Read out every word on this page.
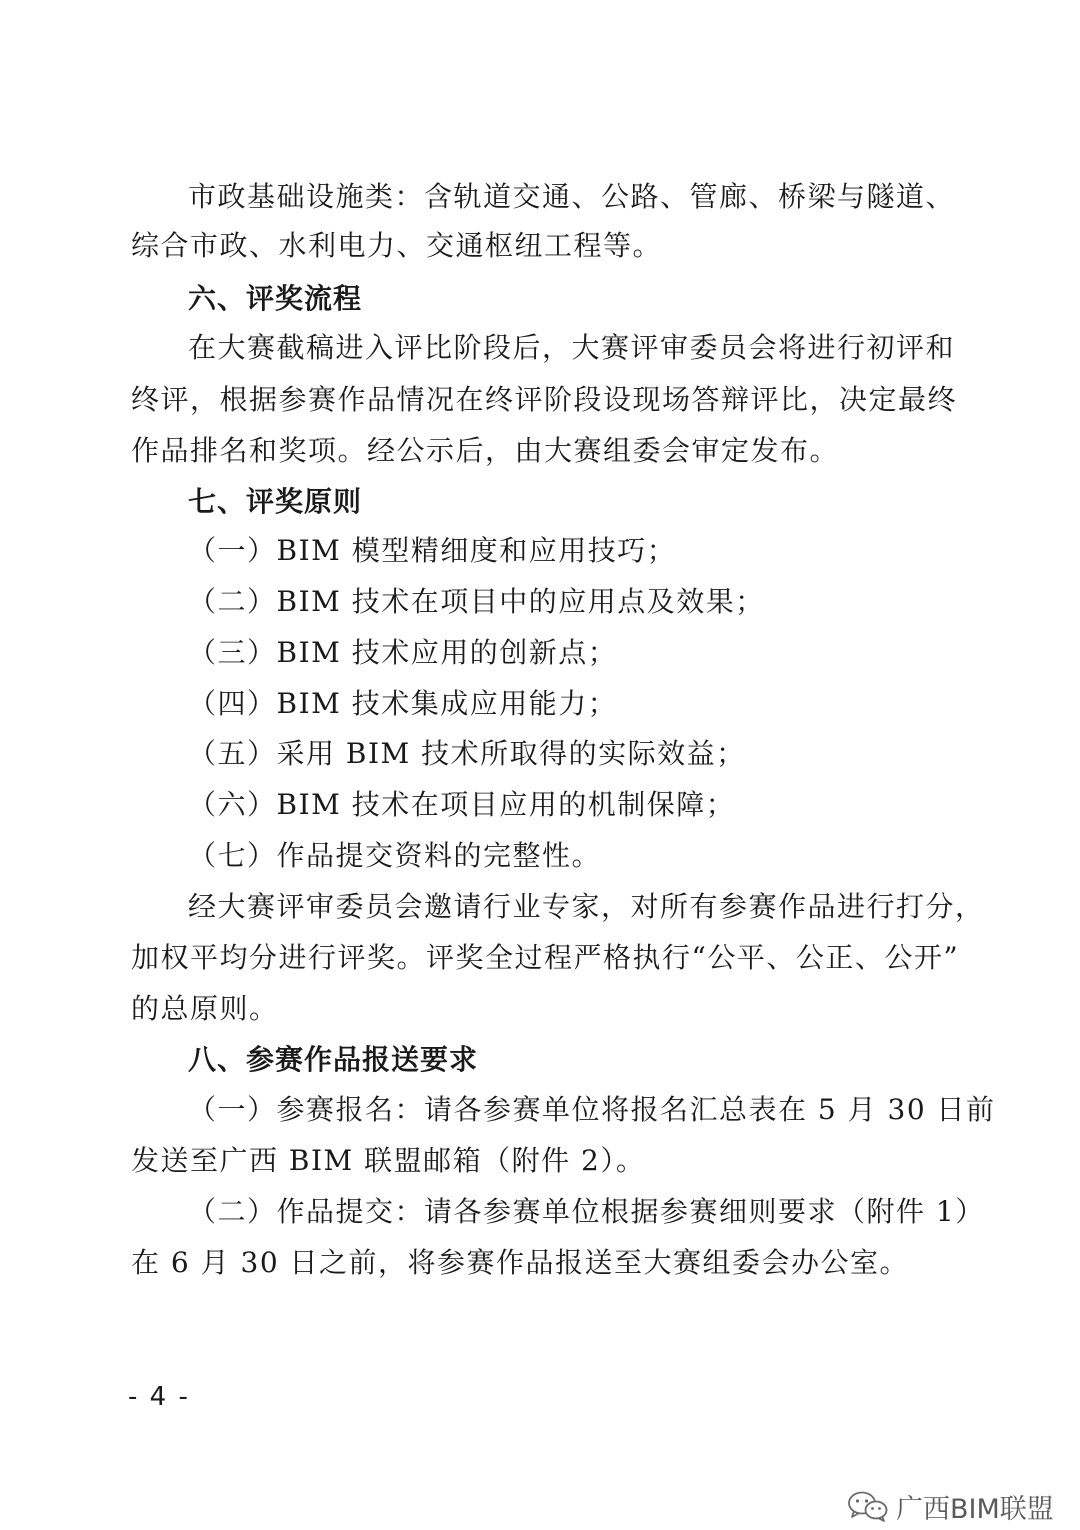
市政基础设施类：含轨道交通、公路、管廊、桥梁与隧道、
综合市政、水利电力、交通枢纽工程等。
六、评奖流程
在大赛截稿进入评比阶段后，大赛评审委员会将进行初评和
终评，根据参赛作品情况在终评阶段设现场答辩评比，决定最终
作品排名和奖项。经公示后，由大赛组委会审定发布。
七、评奖原则
（一）BIM 模型精细度和应用技巧；
（二）BIM 技术在项目中的应用点及效果；
（三）BIM 技术应用的创新点；
（四）BIM 技术集成应用能力；
（五）采用 BIM 技术所取得的实际效益；
（六）BIM 技术在项目应用的机制保障；
（七）作品提交资料的完整性。
经大赛评审委员会邀请行业专家，对所有参赛作品进行打分，
加权平均分进行评奖。评奖全过程严格执行“公平、公正、公开”
的总原则。
八、参赛作品报送要求
（一）参赛报名：请各参赛单位将报名汇总表在 5 月 30 日前
发送至广西 BIM 联盟邮箱（附件 2）。
（二）作品提交：请各参赛单位根据参赛细则要求（附件 1）
在 6 月 30 日之前，将参赛作品报送至大赛组委会办公室。
- 4 -
广西BIM联盟
